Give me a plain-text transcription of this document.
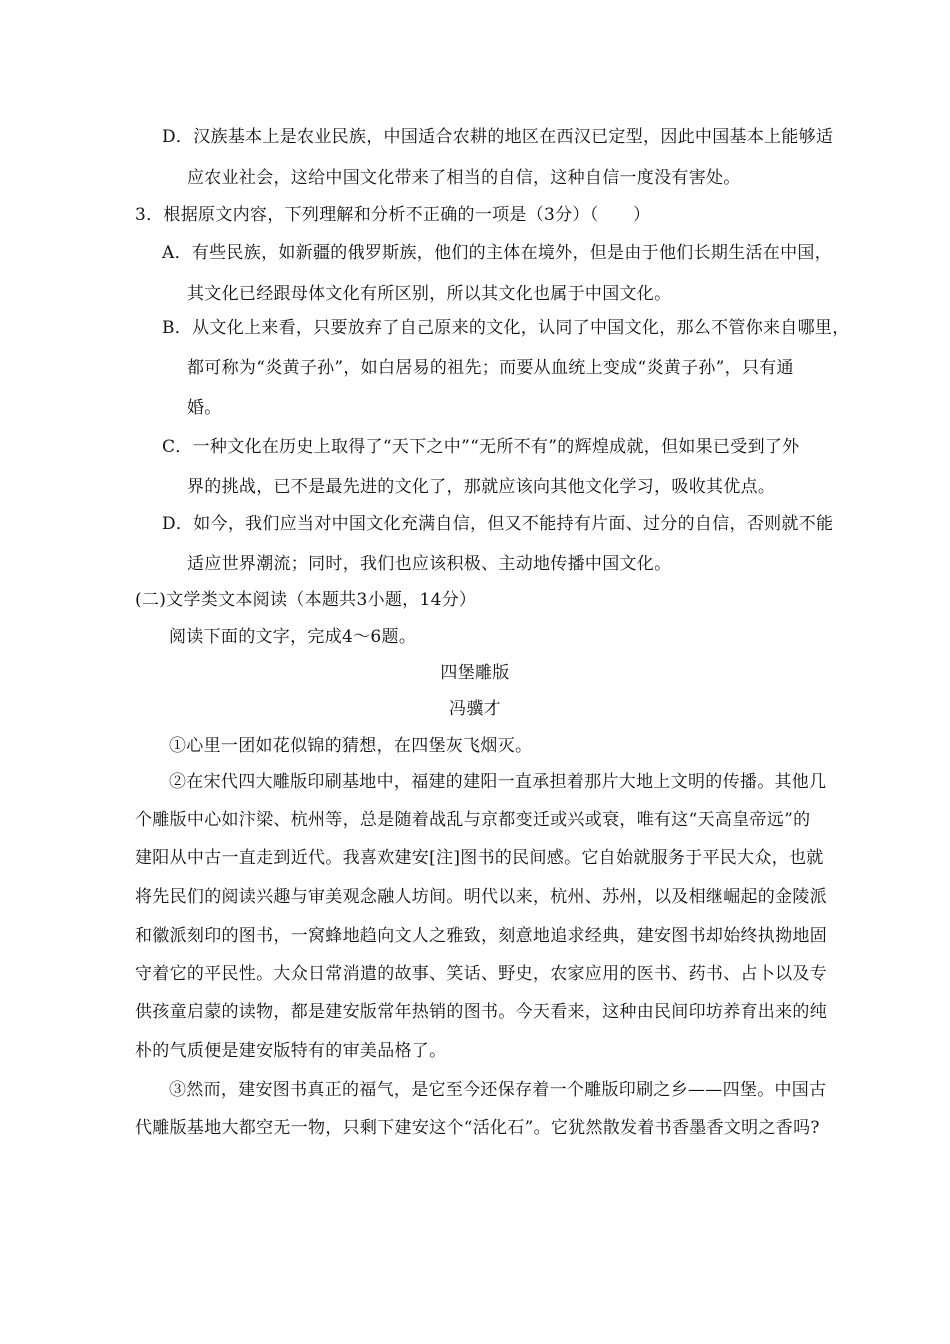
D．汉族基本上是农业民族，中国适合农耕的地区在西汉已定型，因此中国基本上能够适
应农业社会，这给中国文化带来了相当的自信，这种自信一度没有害处。
3．根据原文内容，下列理解和分析不正确的一项是（3分）（　　）
A．有些民族，如新疆的俄罗斯族，他们的主体在境外，但是由于他们长期生活在中国，
其文化已经跟母体文化有所区别，所以其文化也属于中国文化。
B．从文化上来看，只要放弃了自己原来的文化，认同了中国文化，那么不管你来自哪里，
都可称为“炎黄子孙”，如白居易的祖先；而要从血统上变成“炎黄子孙”，只有通
婚。
C．一种文化在历史上取得了“天下之中”“无所不有”的辉煌成就，但如果已受到了外
界的挑战，已不是最先进的文化了，那就应该向其他文化学习，吸收其优点。
D．如今，我们应当对中国文化充满自信，但又不能持有片面、过分的自信，否则就不能
适应世界潮流；同时，我们也应该积极、主动地传播中国文化。
(二)文学类文本阅读（本题共3小题，14分）
阅读下面的文字，完成4～6题。
四堡雕版
冯骥才
①心里一团如花似锦的猜想，在四堡灰飞烟灭。
②在宋代四大雕版印刷基地中，福建的建阳一直承担着那片大地上文明的传播。其他几
个雕版中心如汴梁、杭州等，总是随着战乱与京都变迁或兴或衰，唯有这“天高皇帝远”的
建阳从中古一直走到近代。我喜欢建安[注]图书的民间感。它自始就服务于平民大众，也就
将先民们的阅读兴趣与审美观念融人坊间。明代以来，杭州、苏州，以及相继崛起的金陵派
和徽派刻印的图书，一窝蜂地趋向文人之雅致，刻意地追求经典，建安图书却始终执拗地固
守着它的平民性。大众日常消遣的故事、笑话、野史，农家应用的医书、药书、占卜以及专
供孩童启蒙的读物，都是建安版常年热销的图书。今天看来，这种由民间印坊养育出来的纯
朴的气质便是建安版特有的审美品格了。
③然而，建安图书真正的福气，是它至今还保存着一个雕版印刷之乡——四堡。中国古
代雕版基地大都空无一物，只剩下建安这个“活化石”。它犹然散发着书香墨香文明之香吗?
